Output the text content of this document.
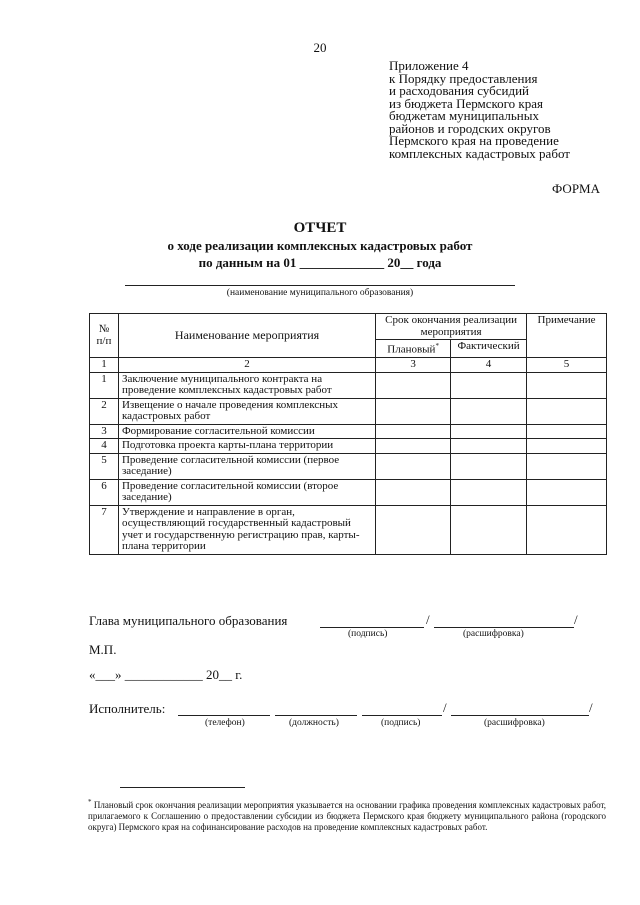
20
Приложение 4
к Порядку предоставления
и расходования субсидий
из бюджета Пермского края
бюджетам муниципальных
районов и городских округов
Пермского края на проведение
комплексных кадастровых работ
ФОРМА
ОТЧЕТ
о ходе реализации комплексных кадастровых работ
по данным на 01 _____________ 20__ года
(наименование муниципального образования)
№ п/п	Наименование мероприятия	Срок окончания реализации мероприятия		Примечание
		Плановый*	Фактический	
1	2	3	4	5
1	Заключение муниципального контракта на проведение комплексных кадастровых работ			
2	Извещение о начале проведения комплексных кадастровых работ			
3	Формирование согласительной комиссии			
4	Подготовка проекта карты-плана территории			
5	Проведение согласительной комиссии (первое заседание)			
6	Проведение согласительной комиссии (второе заседание)			
7	Утверждение и направление в орган, осуществляющий государственный кадастровый учет и государственную регистрацию прав, карты-плана территории			
Глава муниципального образования	/	/
(подпись)	(расшифровка)
М.П.
«___» ____________ 20__ г.
Исполнитель:	/	/
(телефон)	(должность)	(подпись)	(расшифровка)
* Плановый срок окончания реализации мероприятия указывается на основании графика проведения комплексных кадастровых работ, прилагаемого к Соглашению о предоставлении субсидии из бюджета Пермского края бюджету муниципального района (городского округа) Пермского края на софинансирование расходов на проведение комплексных кадастровых работ.
